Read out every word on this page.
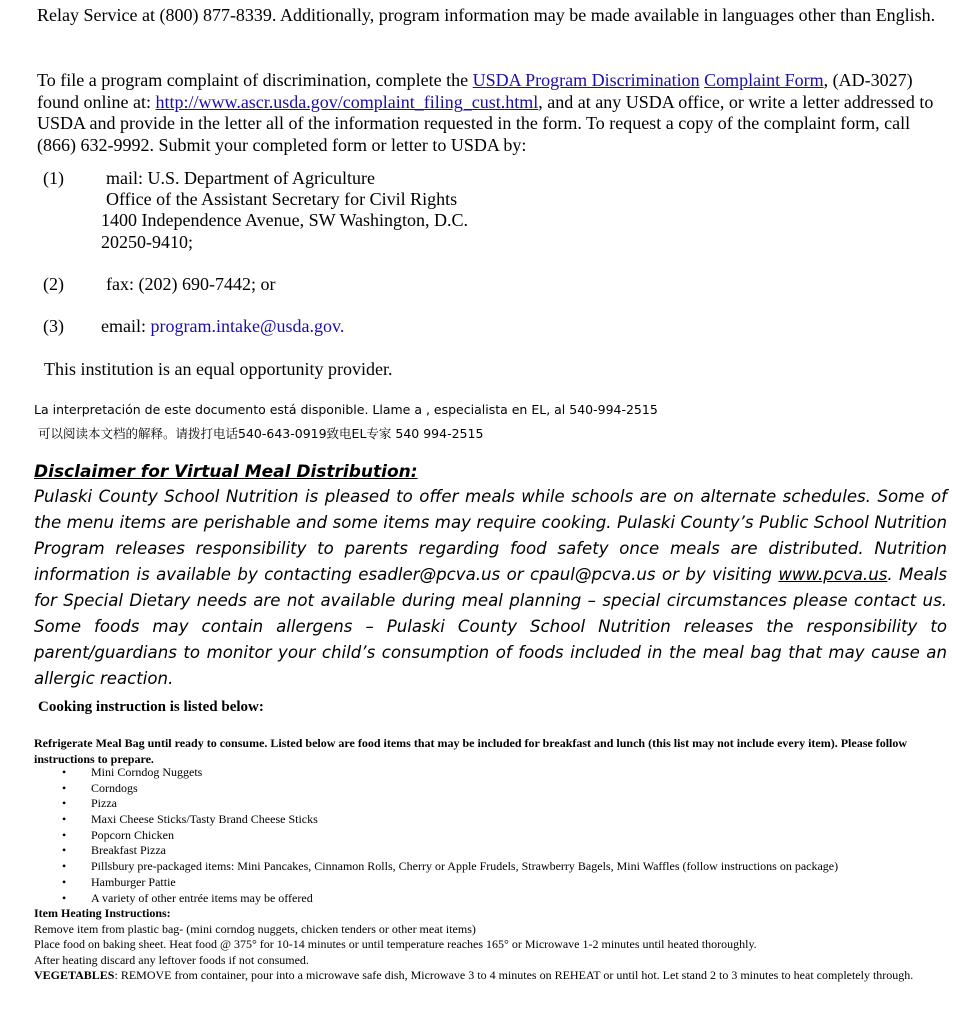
Relay Service at (800) 877-8339. Additionally, program information may be made available in languages other than English.
To file a program complaint of discrimination, complete the USDA Program Discrimination Complaint Form, (AD-3027) found online at: http://www.ascr.usda.gov/complaint_filing_cust.html, and at any USDA office, or write a letter addressed to USDA and provide in the letter all of the information requested in the form. To request a copy of the complaint form, call (866) 632-9992. Submit your completed form or letter to USDA by:
(1) mail: U.S. Department of Agriculture
Office of the Assistant Secretary for Civil Rights
1400 Independence Avenue, SW Washington, D.C.
20250-9410;
(2) fax: (202) 690-7442; or
(3) email: program.intake@usda.gov.
This institution is an equal opportunity provider.
La interpretación de este documento está disponible. Llame a , especialista en EL, al 540-994-2515
可以阅读本文档的解释。请拨打电话540-643-0919致电EL专家 540 994-2515
Disclaimer for Virtual Meal Distribution:
Pulaski County School Nutrition is pleased to offer meals while schools are on alternate schedules. Some of the menu items are perishable and some items may require cooking. Pulaski County’s Public School Nutrition Program releases responsibility to parents regarding food safety once meals are distributed. Nutrition information is available by contacting esadler@pcva.us or cpaul@pcva.us or by visiting www.pcva.us. Meals for Special Dietary needs are not available during meal planning – special circumstances please contact us. Some foods may contain allergens – Pulaski County School Nutrition releases the responsibility to parent/guardians to monitor your child’s consumption of foods included in the meal bag that may cause an allergic reaction.
Cooking instruction is listed below:
Refrigerate Meal Bag until ready to consume. Listed below are food items that may be included for breakfast and lunch (this list may not include every item). Please follow instructions to prepare.
• Mini Corndog Nuggets
• Corndogs
• Pizza
• Maxi Cheese Sticks/Tasty Brand Cheese Sticks
• Popcorn Chicken
• Breakfast Pizza
• Pillsbury pre-packaged items: Mini Pancakes, Cinnamon Rolls, Cherry or Apple Frudels, Strawberry Bagels, Mini Waffles (follow instructions on package)
• Hamburger Pattie
• A variety of other entrée items may be offered
Item Heating Instructions:
Remove item from plastic bag- (mini corndog nuggets, chicken tenders or other meat items)
Place food on baking sheet. Heat food @ 375° for 10-14 minutes or until temperature reaches 165° or Microwave 1-2 minutes until heated thoroughly.
After heating discard any leftover foods if not consumed.
VEGETABLES: REMOVE from container, pour into a microwave safe dish, Microwave 3 to 4 minutes on REHEAT or until hot. Let stand 2 to 3 minutes to heat completely through.
